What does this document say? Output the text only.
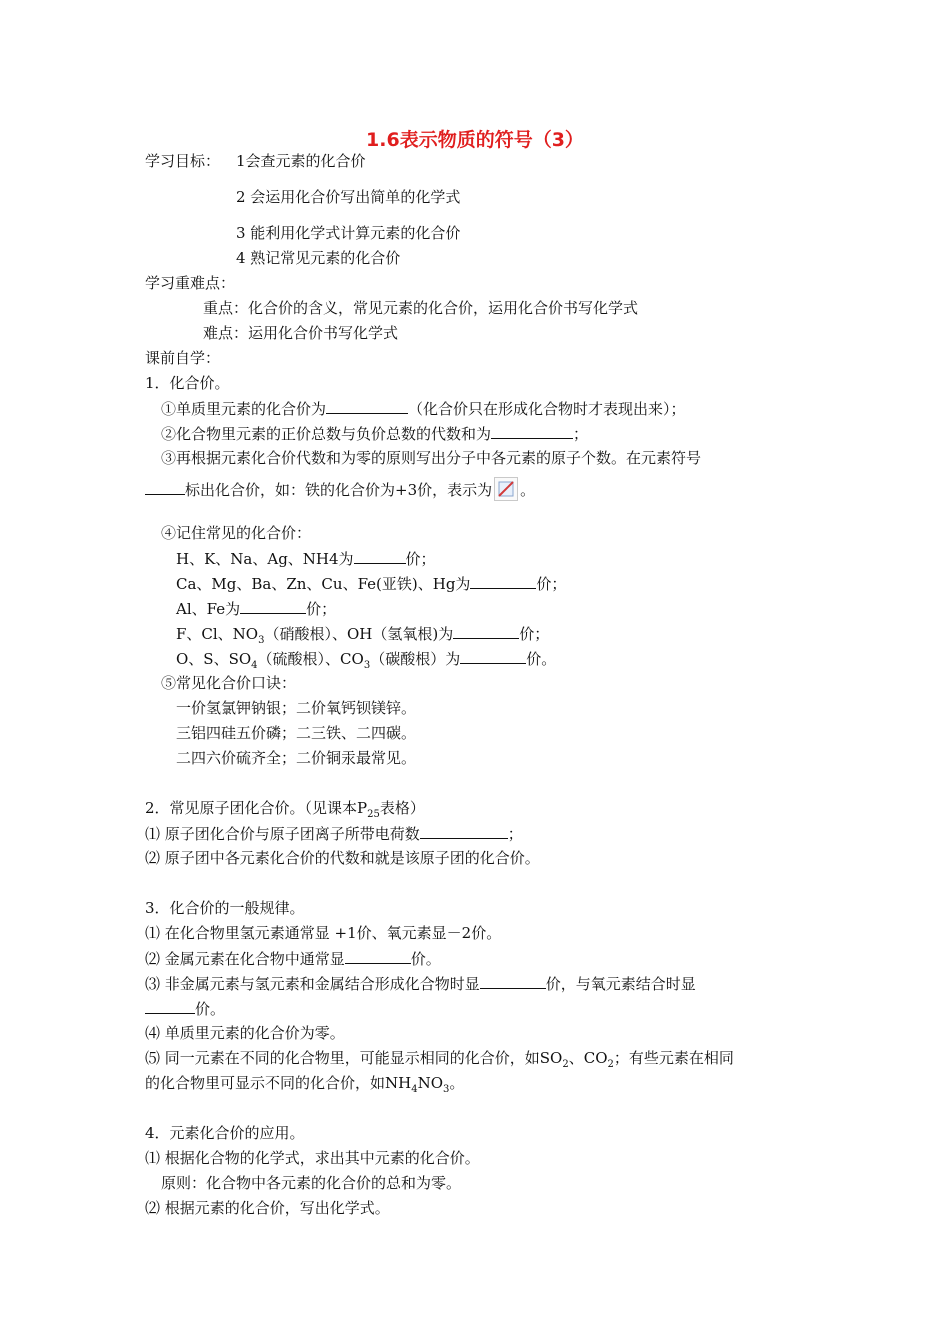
1.6表示物质的符号（3）
学习目标： 1会查元素的化合价
2 会运用化合价写出简单的化学式
3 能利用化学式计算元素的化合价
4 熟记常见元素的化合价
学习重难点：
重点：化合价的含义，常见元素的化合价，运用化合价书写化学式
难点：运用化合价书写化学式
课前自学：
1．化合价。
①单质里元素的化合价为	（化合价只在形成化合物时才表现出来）；
②化合物里元素的正价总数与负价总数的代数和为	；
③再根据元素化合价代数和为零的原则写出分子中各元素的原子个数。在元素符号
标出化合价，如：铁的化合价为+3价，表示为 。
④记住常见的化合价：
H、K、Na、Ag、NH4为	价；
Ca、Mg、Ba、Zn、Cu、Fe(亚铁)、Hg为	价；
Al、Fe为	价；
F、Cl、$NO_3$（硝酸根）、OH（氢氧根)为	价；
O、S、$SO_4$（硫酸根）、$CO_3$（碳酸根）为	价。
⑤常见化合价口诀：
一价氢氯钾钠银；二价氧钙钡镁锌。
三铝四硅五价磷；二三铁、二四碳。
二四六价硫齐全；二价铜汞最常见。
2．常见原子团化合价。（见课本$P_{25}$表格）
⑴ 原子团化合价与原子团离子所带电荷数	；
⑵ 原子团中各元素化合价的代数和就是该原子团的化合价。
3．化合价的一般规律。
⑴ 在化合物里氢元素通常显 +1价、氧元素显－2价。
⑵ 金属元素在化合物中通常显	价。
⑶ 非金属元素与氢元素和金属结合形成化合物时显	价，与氧元素结合时显
价。
⑷ 单质里元素的化合价为零。
⑸ 同一元素在不同的化合物里，可能显示相同的化合价，如$SO_2$、$CO_2$；有些元素在相同
的化合物里可显示不同的化合价，如$NH_4NO_3$。
4．元素化合价的应用。
⑴ 根据化合物的化学式，求出其中元素的化合价。
原则：化合物中各元素的化合价的总和为零。
⑵ 根据元素的化合价，写出化学式。
